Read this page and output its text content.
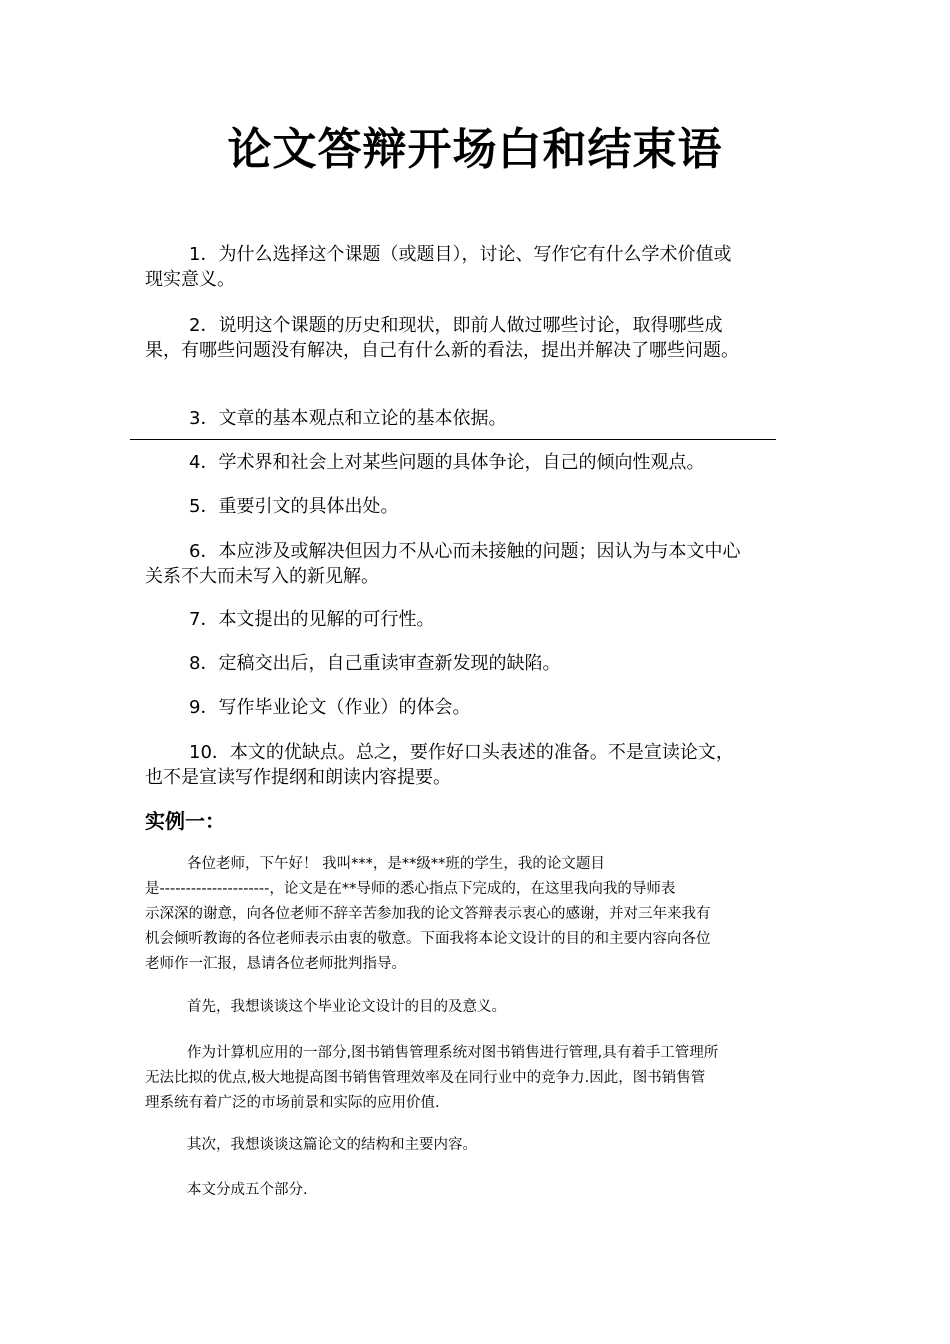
论文答辩开场白和结束语

1．为什么选择这个课题（或题目），讨论、写作它有什么学术价值或现实意义。

2．说明这个课题的历史和现状，即前人做过哪些讨论，取得哪些成果，有哪些问题没有解决，自己有什么新的看法，提出并解决了哪些问题。

3．文章的基本观点和立论的基本依据。

4．学术界和社会上对某些问题的具体争论，自己的倾向性观点。

5．重要引文的具体出处。

6．本应涉及或解决但因力不从心而未接触的问题；因认为与本文中心关系不大而未写入的新见解。

7．本文提出的见解的可行性。

8．定稿交出后，自己重读审查新发现的缺陷。

9．写作毕业论文（作业）的体会。

10．本文的优缺点。总之，要作好口头表述的准备。不是宣读论文，也不是宣读写作提纲和朗读内容提要。

实例一：

各位老师，下午好！ 我叫***，是**级**班的学生，我的论文题目
是---------------------，论文是在**导师的悉心指点下完成的，在这里我向我的导师表
示深深的谢意，向各位老师不辞辛苦参加我的论文答辩表示衷心的感谢，并对三年来我有
机会倾听教诲的各位老师表示由衷的敬意。下面我将本论文设计的目的和主要内容向各位
老师作一汇报，恳请各位老师批判指导。

首先，我想谈谈这个毕业论文设计的目的及意义。

作为计算机应用的一部分,图书销售管理系统对图书销售进行管理,具有着手工管理所
无法比拟的优点,极大地提高图书销售管理效率及在同行业中的竞争力.因此，图书销售管
理系统有着广泛的市场前景和实际的应用价值.

其次，我想谈谈这篇论文的结构和主要内容。

本文分成五个部分.
